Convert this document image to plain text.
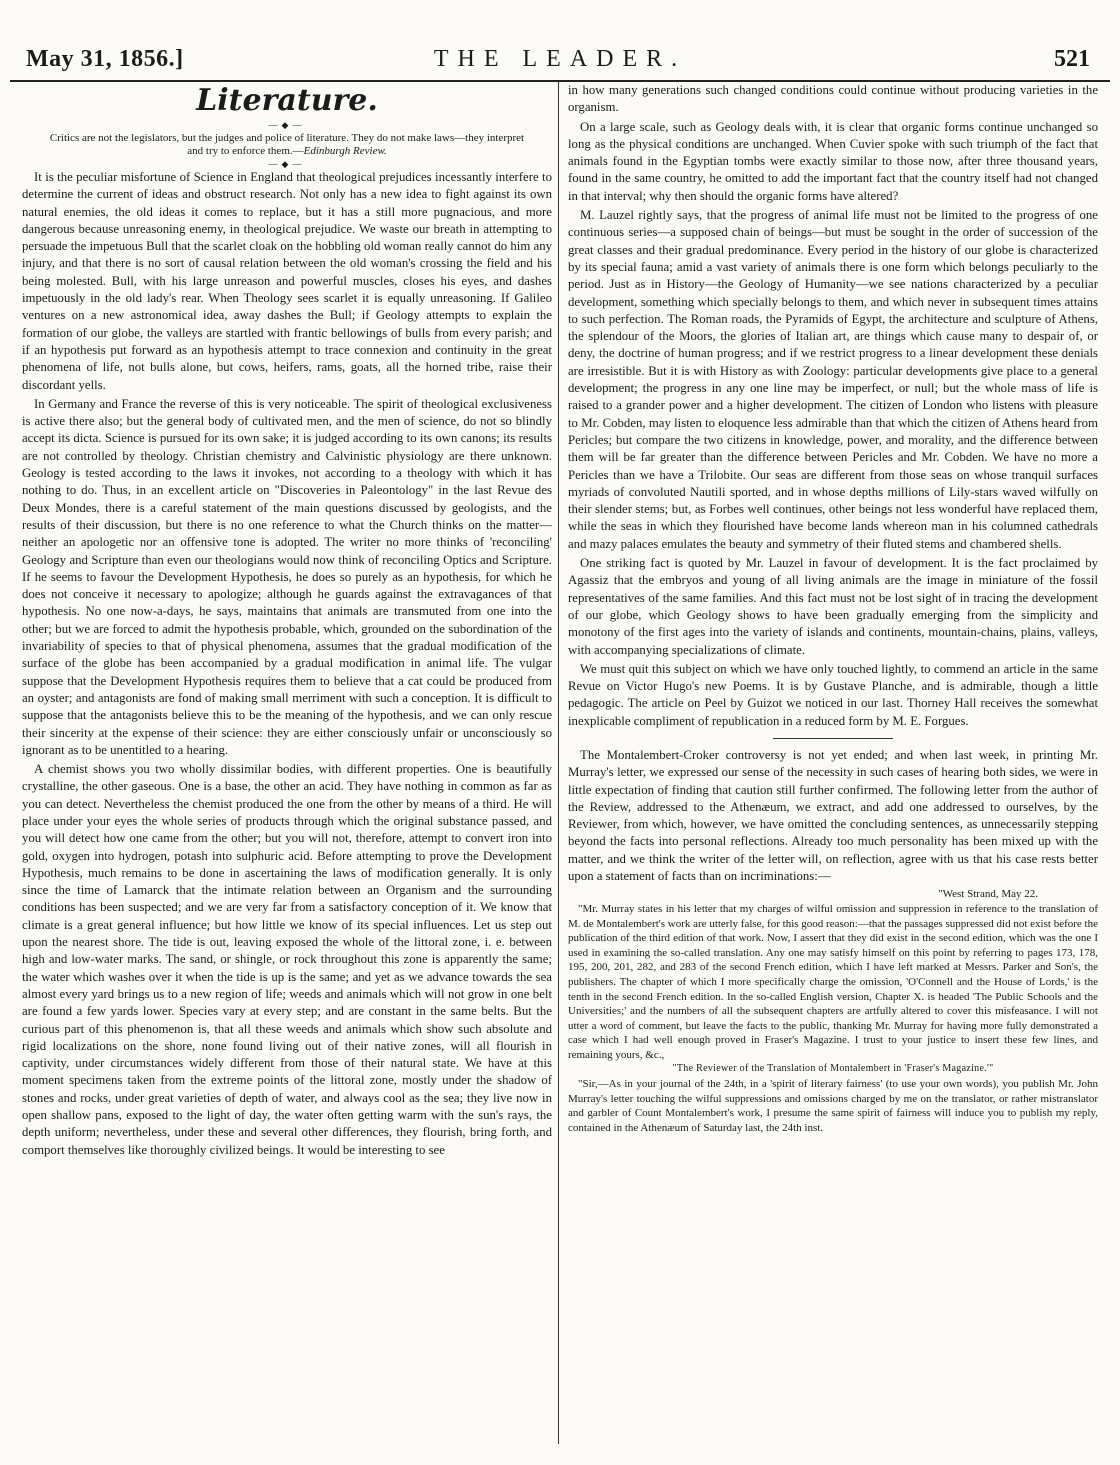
May 31, 1856.]	THE LEADER.	521
Literature.
—◆—
Critics are not the legislators, but the judges and police of literature. They do not make laws—they interpret and try to enforce them.—Edinburgh Review.
—◆—

It is the peculiar misfortune of Science in England that theological prejudices incessantly interfere to determine the current of ideas and obstruct research. Not only has a new idea to fight against its own natural enemies, the old ideas it comes to replace, but it has a still more pugnacious, and more dangerous because unreasoning enemy, in theological prejudice. We waste our breath in attempting to persuade the impetuous Bull that the scarlet cloak on the hobbling old woman really cannot do him any injury, and that there is no sort of causal relation between the old woman's crossing the field and his being molested. Bull, with his large unreason and powerful muscles, closes his eyes, and dashes impetuously in the old lady's rear. When Theology sees scarlet it is equally unreasoning. If Galileo ventures on a new astronomical idea, away dashes the Bull; if Geology attempts to explain the formation of our globe, the valleys are startled with frantic bellowings of bulls from every parish; and if an hypothesis put forward as an hypothesis attempt to trace connexion and continuity in the great phenomena of life, not bulls alone, but cows, heifers, rams, goats, all the horned tribe, raise their discordant yells.

In Germany and France the reverse of this is very noticeable. The spirit of theological exclusiveness is active there also; but the general body of cultivated men, and the men of science, do not so blindly accept its dicta. Science is pursued for its own sake; it is judged according to its own canons; its results are not controlled by theology. Christian chemistry and Calvinistic physiology are there unknown. Geology is tested according to the laws it invokes, not according to a theology with which it has nothing to do. Thus, in an excellent article on "Discoveries in Paleontology" in the last Revue des Deux Mondes, there is a careful statement of the main questions discussed by geologists, and the results of their discussion, but there is no one reference to what the Church thinks on the matter—neither an apologetic nor an offensive tone is adopted. The writer no more thinks of 'reconciling' Geology and Scripture than even our theologians would now think of reconciling Optics and Scripture. If he seems to favour the Development Hypothesis, he does so purely as an hypothesis, for which he does not conceive it necessary to apologize; although he guards against the extravagances of that hypothesis. No one now-a-days, he says, maintains that animals are transmuted from one into the other; but we are forced to admit the hypothesis probable, which, grounded on the subordination of the invariability of species to that of physical phenomena, assumes that the gradual modification of the surface of the globe has been accompanied by a gradual modification in animal life. The vulgar suppose that the Development Hypothesis requires them to believe that a cat could be produced from an oyster; and antagonists are fond of making small merriment with such a conception. It is difficult to suppose that the antagonists believe this to be the meaning of the hypothesis, and we can only rescue their sincerity at the expense of their science: they are either consciously unfair or unconsciously so ignorant as to be unentitled to a hearing.

A chemist shows you two wholly dissimilar bodies, with different properties. One is beautifully crystalline, the other gaseous. One is a base, the other an acid. They have nothing in common as far as you can detect. Nevertheless the chemist produced the one from the other by means of a third. He will place under your eyes the whole series of products through which the original substance passed, and you will detect how one came from the other; but you will not, therefore, attempt to convert iron into gold, oxygen into hydrogen, potash into sulphuric acid. Before attempting to prove the Development Hypothesis, much remains to be done in ascertaining the laws of modification generally. It is only since the time of Lamarck that the intimate relation between an Organism and the surrounding conditions has been suspected; and we are very far from a satisfactory conception of it. We know that climate is a great general influence; but how little we know of its special influences. Let us step out upon the nearest shore. The tide is out, leaving exposed the whole of the littoral zone, i. e. between high and low-water marks. The sand, or shingle, or rock throughout this zone is apparently the same; the water which washes over it when the tide is up is the same; and yet as we advance towards the sea almost every yard brings us to a new region of life; weeds and animals which will not grow in one belt are found a few yards lower. Species vary at every step; and are constant in the same belts. But the curious part of this phenomenon is, that all these weeds and animals which show such absolute and rigid localizations on the shore, none found living out of their native zones, will all flourish in captivity, under circumstances widely different from those of their natural state. We have at this moment specimens taken from the extreme points of the littoral zone, mostly under the shadow of stones and rocks, under great varieties of depth of water, and always cool as the sea; they live now in open shallow pans, exposed to the light of day, the water often getting warm with the sun's rays, the depth uniform; nevertheless, under these and several other differences, they flourish, bring forth, and comport themselves like thoroughly civilized beings. It would be interesting to see

in how many generations such changed conditions could continue without producing varieties in the organism.

On a large scale, such as Geology deals with, it is clear that organic forms continue unchanged so long as the physical conditions are unchanged. When Cuvier spoke with such triumph of the fact that animals found in the Egyptian tombs were exactly similar to those now, after three thousand years, found in the same country, he omitted to add the important fact that the country itself had not changed in that interval; why then should the organic forms have altered?

M. Lauzel rightly says, that the progress of animal life must not be limited to the progress of one continuous series—a supposed chain of beings—but must be sought in the order of succession of the great classes and their gradual predominance. Every period in the history of our globe is characterized by its special fauna; amid a vast variety of animals there is one form which belongs peculiarly to the period. Just as in History—the Geology of Humanity—we see nations characterized by a peculiar development, something which specially belongs to them, and which never in subsequent times attains to such perfection. The Roman roads, the Pyramids of Egypt, the architecture and sculpture of Athens, the splendour of the Moors, the glories of Italian art, are things which cause many to despair of, or deny, the doctrine of human progress; and if we restrict progress to a linear development these denials are irresistible. But it is with History as with Zoology: particular developments give place to a general development; the progress in any one line may be imperfect, or null; but the whole mass of life is raised to a grander power and a higher development. The citizen of London who listens with pleasure to Mr. Cobden, may listen to eloquence less admirable than that which the citizen of Athens heard from Pericles; but compare the two citizens in knowledge, power, and morality, and the difference between them will be far greater than the difference between Pericles and Mr. Cobden. We have no more a Pericles than we have a Trilobite. Our seas are different from those seas on whose tranquil surfaces myriads of convoluted Nautili sported, and in whose depths millions of Lily-stars waved wilfully on their slender stems; but, as Forbes well continues, other beings not less wonderful have replaced them, while the seas in which they flourished have become lands whereon man in his columned cathedrals and mazy palaces emulates the beauty and symmetry of their fluted stems and chambered shells.

One striking fact is quoted by Mr. Lauzel in favour of development. It is the fact proclaimed by Agassiz that the embryos and young of all living animals are the image in miniature of the fossil representatives of the same families. And this fact must not be lost sight of in tracing the development of our globe, which Geology shows to have been gradually emerging from the simplicity and monotony of the first ages into the variety of islands and continents, mountain-chains, plains, valleys, with accompanying specializations of climate.

We must quit this subject on which we have only touched lightly, to commend an article in the same Revue on Victor Hugo's new Poems. It is by Gustave Planche, and is admirable, though a little pedagogic. The article on Peel by Guizot we noticed in our last. Thorney Hall receives the somewhat inexplicable compliment of republication in a reduced form by M. E. Forgues.

The Montalembert-Croker controversy is not yet ended; and when last week, in printing Mr. Murray's letter, we expressed our sense of the necessity in such cases of hearing both sides, we were in little expectation of finding that caution still further confirmed. The following letter from the author of the Review, addressed to the Athenæum, we extract, and add one addressed to ourselves, by the Reviewer, from which, however, we have omitted the concluding sentences, as unnecessarily stepping beyond the facts into personal reflections. Already too much personality has been mixed up with the matter, and we think the writer of the letter will, on reflection, agree with us that his case rests better upon a statement of facts than on incriminations:—

"West Strand, May 22.

"Mr. Murray states in his letter that my charges of wilful omission and suppression in reference to the translation of M. de Montalembert's work are utterly false, for this good reason:—that the passages suppressed did not exist before the publication of the third edition of that work. Now, I assert that they did exist in the second edition, which was the one I used in examining the so-called translation. Any one may satisfy himself on this point by referring to pages 173, 178, 195, 200, 201, 282, and 283 of the second French edition, which I have left marked at Messrs. Parker and Son's, the publishers. The chapter of which I more specifically charge the omission, 'O'Connell and the House of Lords,' is the tenth in the second French edition. In the so-called English version, Chapter X. is headed 'The Public Schools and the Universities;' and the numbers of all the subsequent chapters are artfully altered to cover this misfeasance. I will not utter a word of comment, but leave the facts to the public, thanking Mr. Murray for having more fully demonstrated a case which I had well enough proved in Fraser's Magazine. I trust to your justice to insert these few lines, and remaining yours, &c.,

"The Reviewer of the Translation of Montalembert in 'Fraser's Magazine.'"

"Sir,—As in your journal of the 24th, in a 'spirit of literary fairness' (to use your own words), you publish Mr. John Murray's letter touching the wilful suppressions and omissions charged by me on the translator, or rather mistranslator and garbler of Count Montalembert's work, I presume the same spirit of fairness will induce you to publish my reply, contained in the Athenæum of Saturday last, the 24th inst.
